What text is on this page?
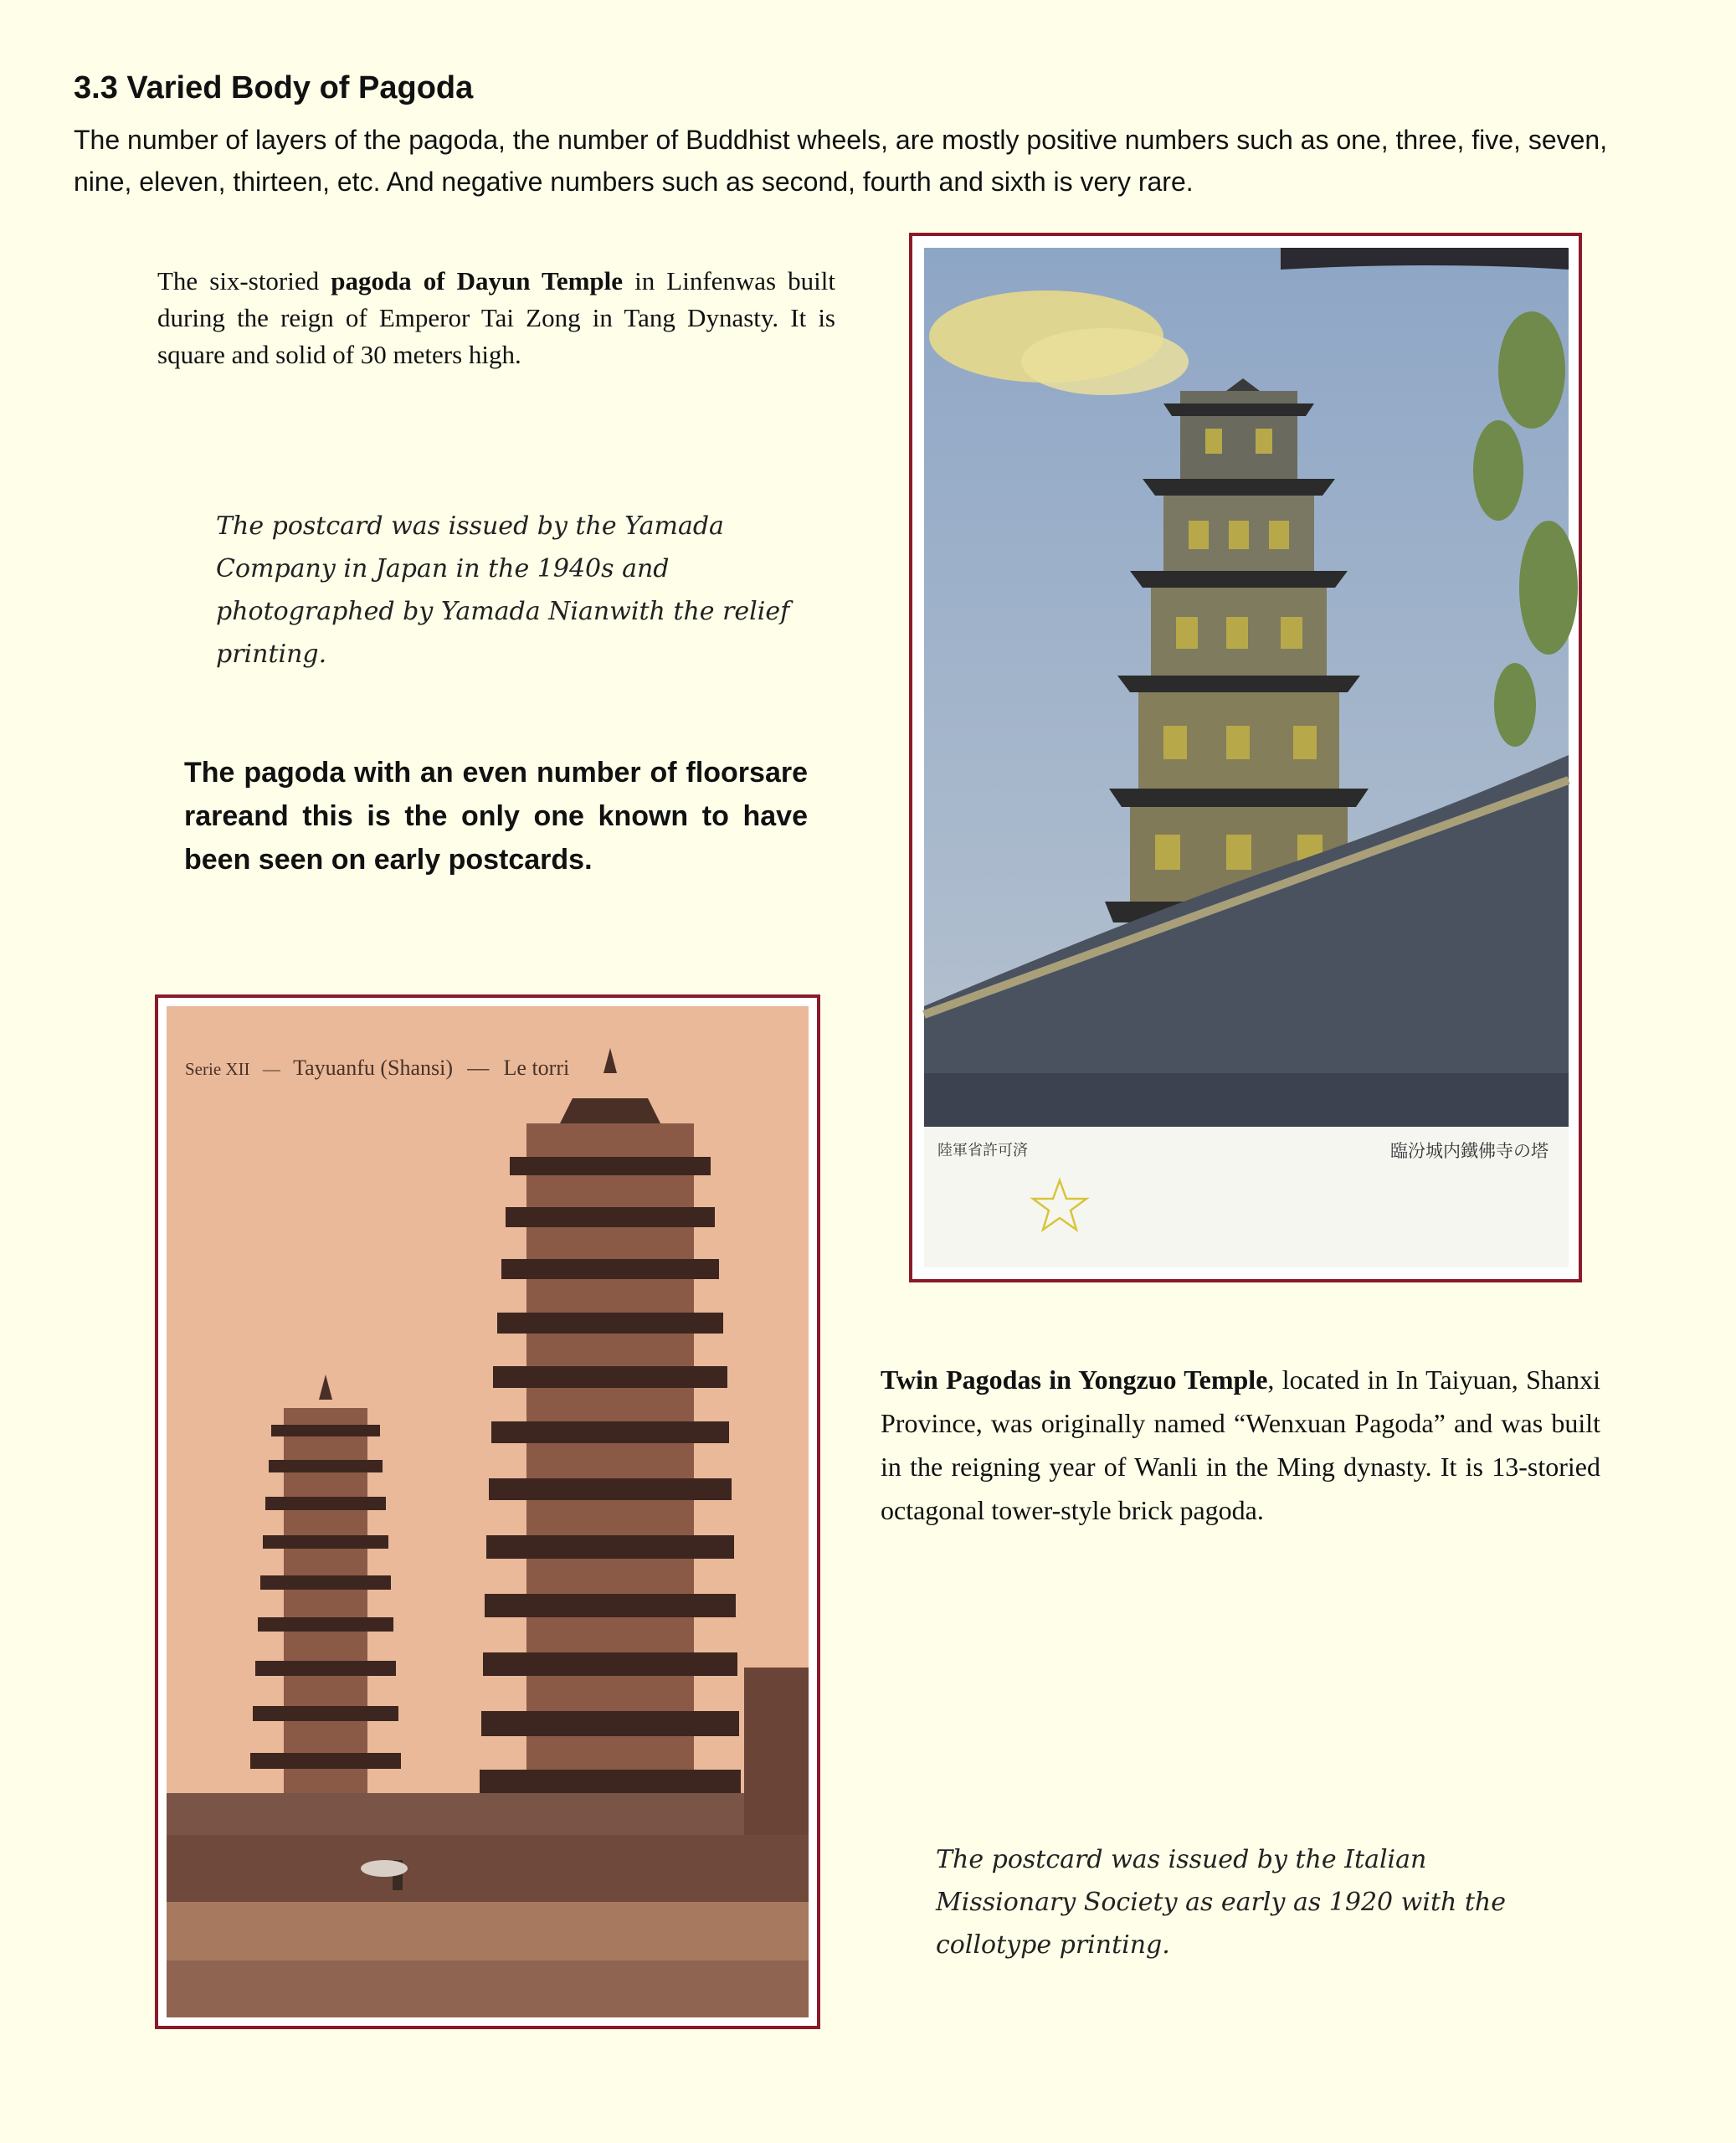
3.3 Varied Body of Pagoda

The number of layers of the pagoda, the number of Buddhist wheels, are mostly positive numbers such as one, three, five, seven, nine, eleven, thirteen, etc. And negative numbers such as second, fourth and sixth is very rare.

The six-storied pagoda of Dayun Temple in Linfenwas built during the reign of Emperor Tai Zong in Tang Dynasty. It is square and solid of 30 meters high.

The postcard was issued by the Yamada Company in Japan in the 1940s and photographed by Yamada Nianwith the relief printing.

The pagoda with an even number of floorsare rareand this is the only one known to have been seen on early postcards.

陸軍省許可済	臨汾城内鐵佛寺の塔

Twin Pagodas in Yongzuo Temple, located in In Taiyuan, Shanxi Province, was originally named “Wenxuan Pagoda” and was built in the reigning year of Wanli in the Ming dynasty. It is 13-storied octagonal tower-style brick pagoda.

The postcard was issued by the Italian Missionary Society as early as 1920 with the collotype printing.

Serie XII — Tayuanfu (Shansi) — Le torri
